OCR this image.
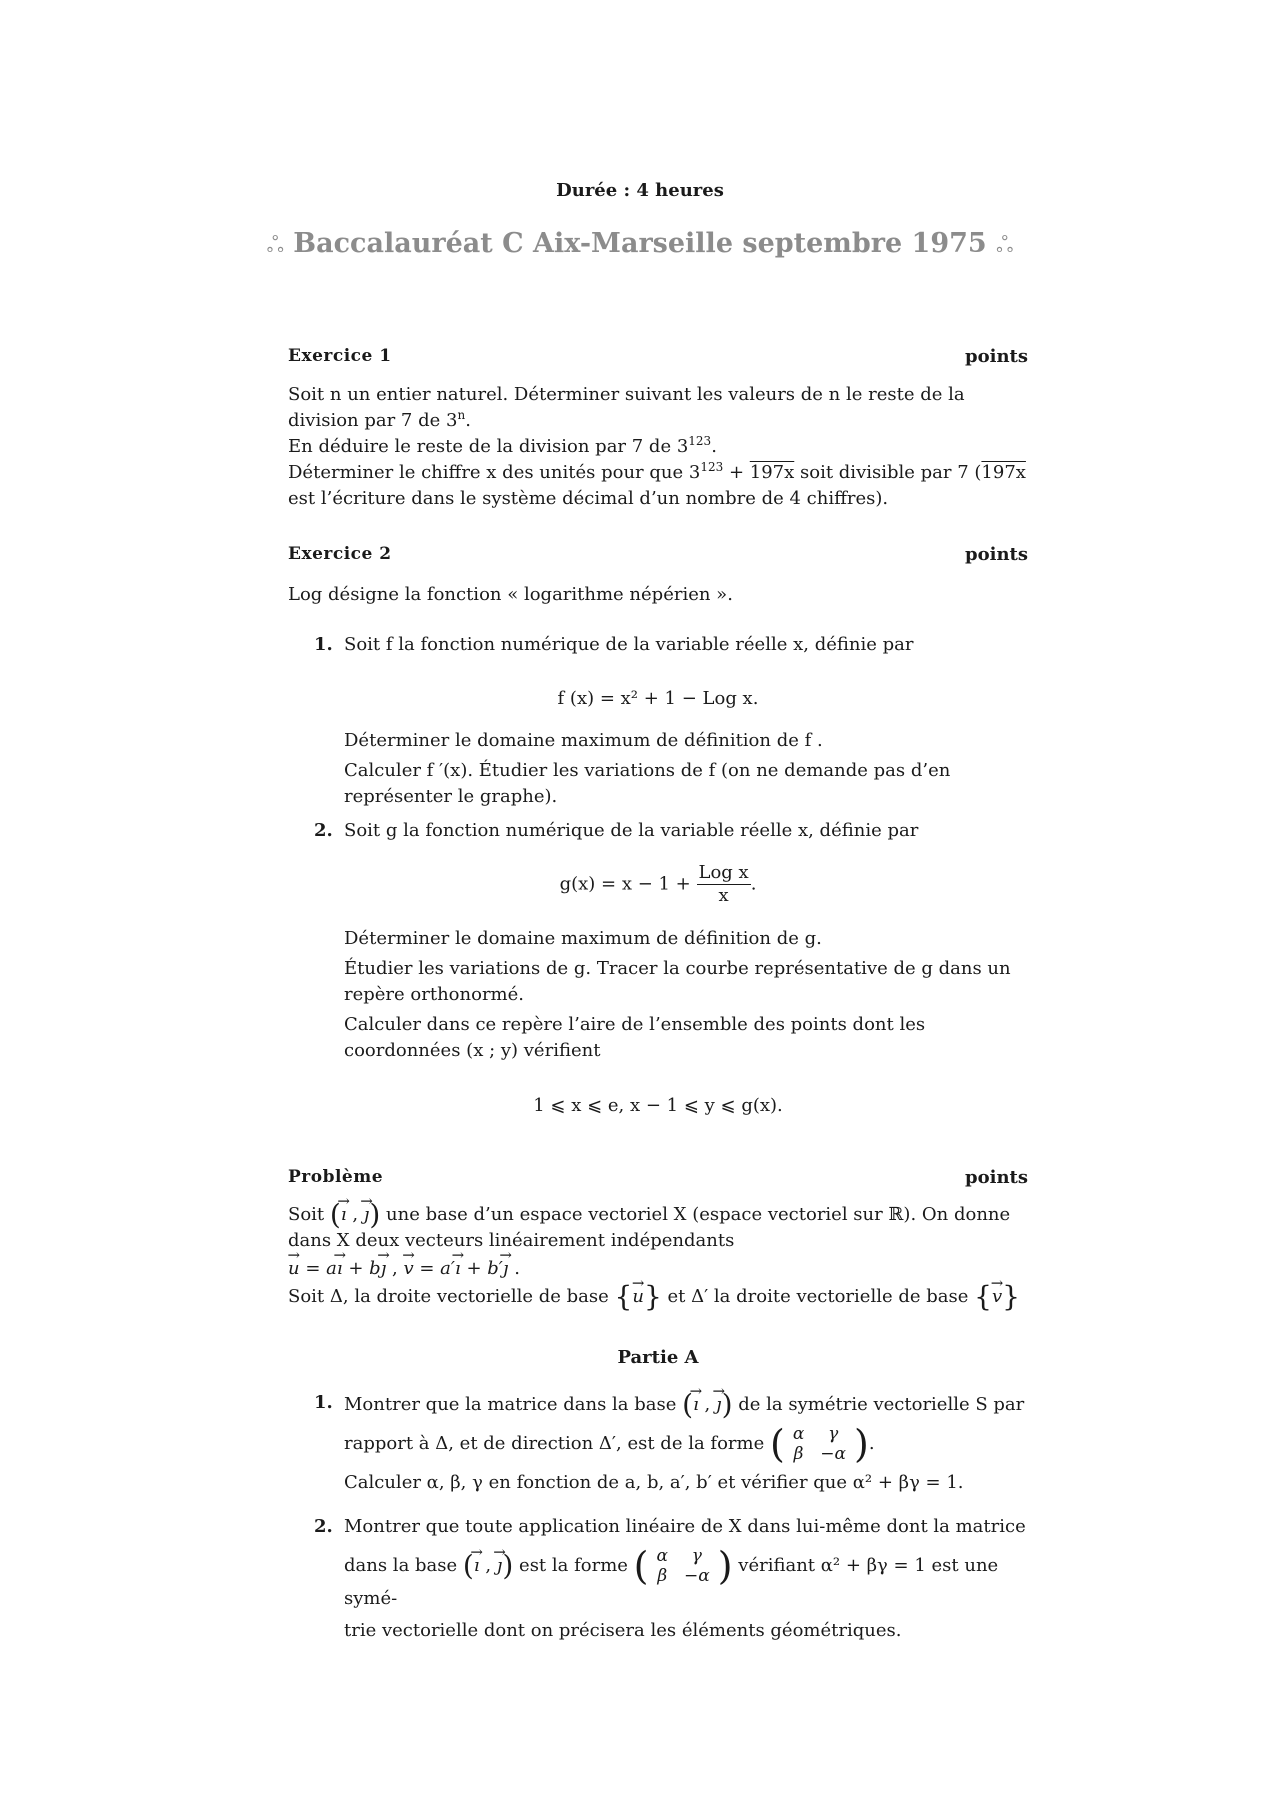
Durée : 4 heures
ஃ Baccalauréat C Aix-Marseille septembre 1975 ஃ
Exercice 1	points
Soit n un entier naturel. Déterminer suivant les valeurs de n le reste de la division par 7 de 3$^n$.
En déduire le reste de la division par 7 de $3^{123}$.
Déterminer le chiffre x des unités pour que $3^{123} + 197x$ soit divisible par 7 (197x est l’écriture dans le système décimal d’un nombre de 4 chiffres).
Exercice 2	points
Log désigne la fonction « logarithme népérien ».
1. Soit f la fonction numérique de la variable réelle x, définie par
f (x) = x² + 1 − Log x.
Déterminer le domaine maximum de définition de f .
Calculer f ′(x). Étudier les variations de f (on ne demande pas d’en représenter le graphe).
2. Soit g la fonction numérique de la variable réelle x, définie par
$g(x) = x - 1 + \frac{\text{Log x}}{x}$ .
Déterminer le domaine maximum de définition de g.
Étudier les variations de g. Tracer la courbe représentative de g dans un repère orthonormé.
Calculer dans ce repère l’aire de l’ensemble des points dont les coordonnées (x ; y) vérifient
1 ⩽ x ⩽ e, x − 1 ⩽ y ⩽ g(x).
Problème	points
Soit (→ ı , → ȷ) une base d’un espace vectoriel X (espace vectoriel sur ℝ). On donne dans X deux vecteurs linéairement indépendants
→ u = a→ ı + b→ ȷ , → v = a′→ ı + b′→ ȷ .
Soit Δ, la droite vectorielle de base {→ u} et Δ′ la droite vectorielle de base {→ v}
Partie A
1. Montrer que la matrice dans la base (→ ı , → ȷ) de la symétrie vectorielle S par
rapport à Δ, et de direction Δ′, est de la forme ( α	γ
β	−α ) .
Calculer α, β, γ en fonction de a, b, a′, b′ et vérifier que α² + βγ = 1.
2. Montrer que toute application linéaire de X dans lui-même dont la matrice
dans la base (→ ı , → ȷ) est la forme ( α	γ
β	−α ) vérifiant α² + βγ = 1 est une symé-
trie vectorielle dont on précisera les éléments géométriques.
